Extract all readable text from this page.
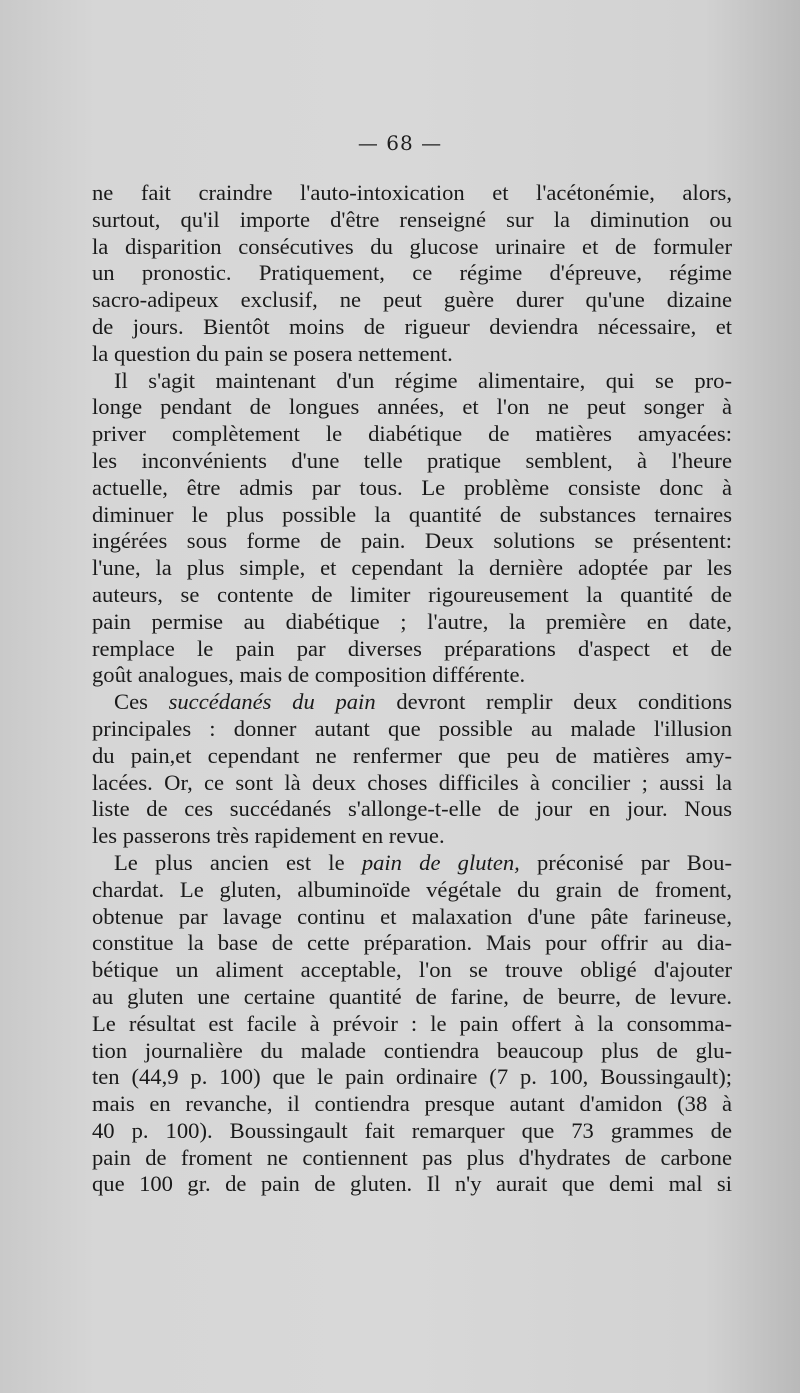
— 68 —
ne fait craindre l'auto-intoxication et l'acétonémie, alors,
surtout, qu'il importe d'être renseigné sur la diminution ou
la disparition consécutives du glucose urinaire et de formuler
un pronostic. Pratiquement, ce régime d'épreuve, régime
sacro-adipeux exclusif, ne peut guère durer qu'une dizaine
de jours. Bientôt moins de rigueur deviendra nécessaire, et
la question du pain se posera nettement.
Il s'agit maintenant d'un régime alimentaire, qui se pro-
longe pendant de longues années, et l'on ne peut songer à
priver complètement le diabétique de matières amyacées:
les inconvénients d'une telle pratique semblent, à l'heure
actuelle, être admis par tous. Le problème consiste donc à
diminuer le plus possible la quantité de substances ternaires
ingérées sous forme de pain. Deux solutions se présentent:
l'une, la plus simple, et cependant la dernière adoptée par les
auteurs, se contente de limiter rigoureusement la quantité de
pain permise au diabétique ; l'autre, la première en date,
remplace le pain par diverses préparations d'aspect et de
goût analogues, mais de composition différente.
Ces succédanés du pain devront remplir deux conditions
principales : donner autant que possible au malade l'illusion
du pain,et cependant ne renfermer que peu de matières amy-
lacées. Or, ce sont là deux choses difficiles à concilier ; aussi la
liste de ces succédanés s'allonge-t-elle de jour en jour. Nous
les passerons très rapidement en revue.
Le plus ancien est le pain de gluten, préconisé par Bou-
chardat. Le gluten, albuminoïde végétale du grain de froment,
obtenue par lavage continu et malaxation d'une pâte farineuse,
constitue la base de cette préparation. Mais pour offrir au dia-
bétique un aliment acceptable, l'on se trouve obligé d'ajouter
au gluten une certaine quantité de farine, de beurre, de levure.
Le résultat est facile à prévoir : le pain offert à la consomma-
tion journalière du malade contiendra beaucoup plus de glu-
ten (44,9 p. 100) que le pain ordinaire (7 p. 100, Boussingault);
mais en revanche, il contiendra presque autant d'amidon (38 à
40 p. 100). Boussingault fait remarquer que 73 grammes de
pain de froment ne contiennent pas plus d'hydrates de carbone
que 100 gr. de pain de gluten. Il n'y aurait que demi mal si
